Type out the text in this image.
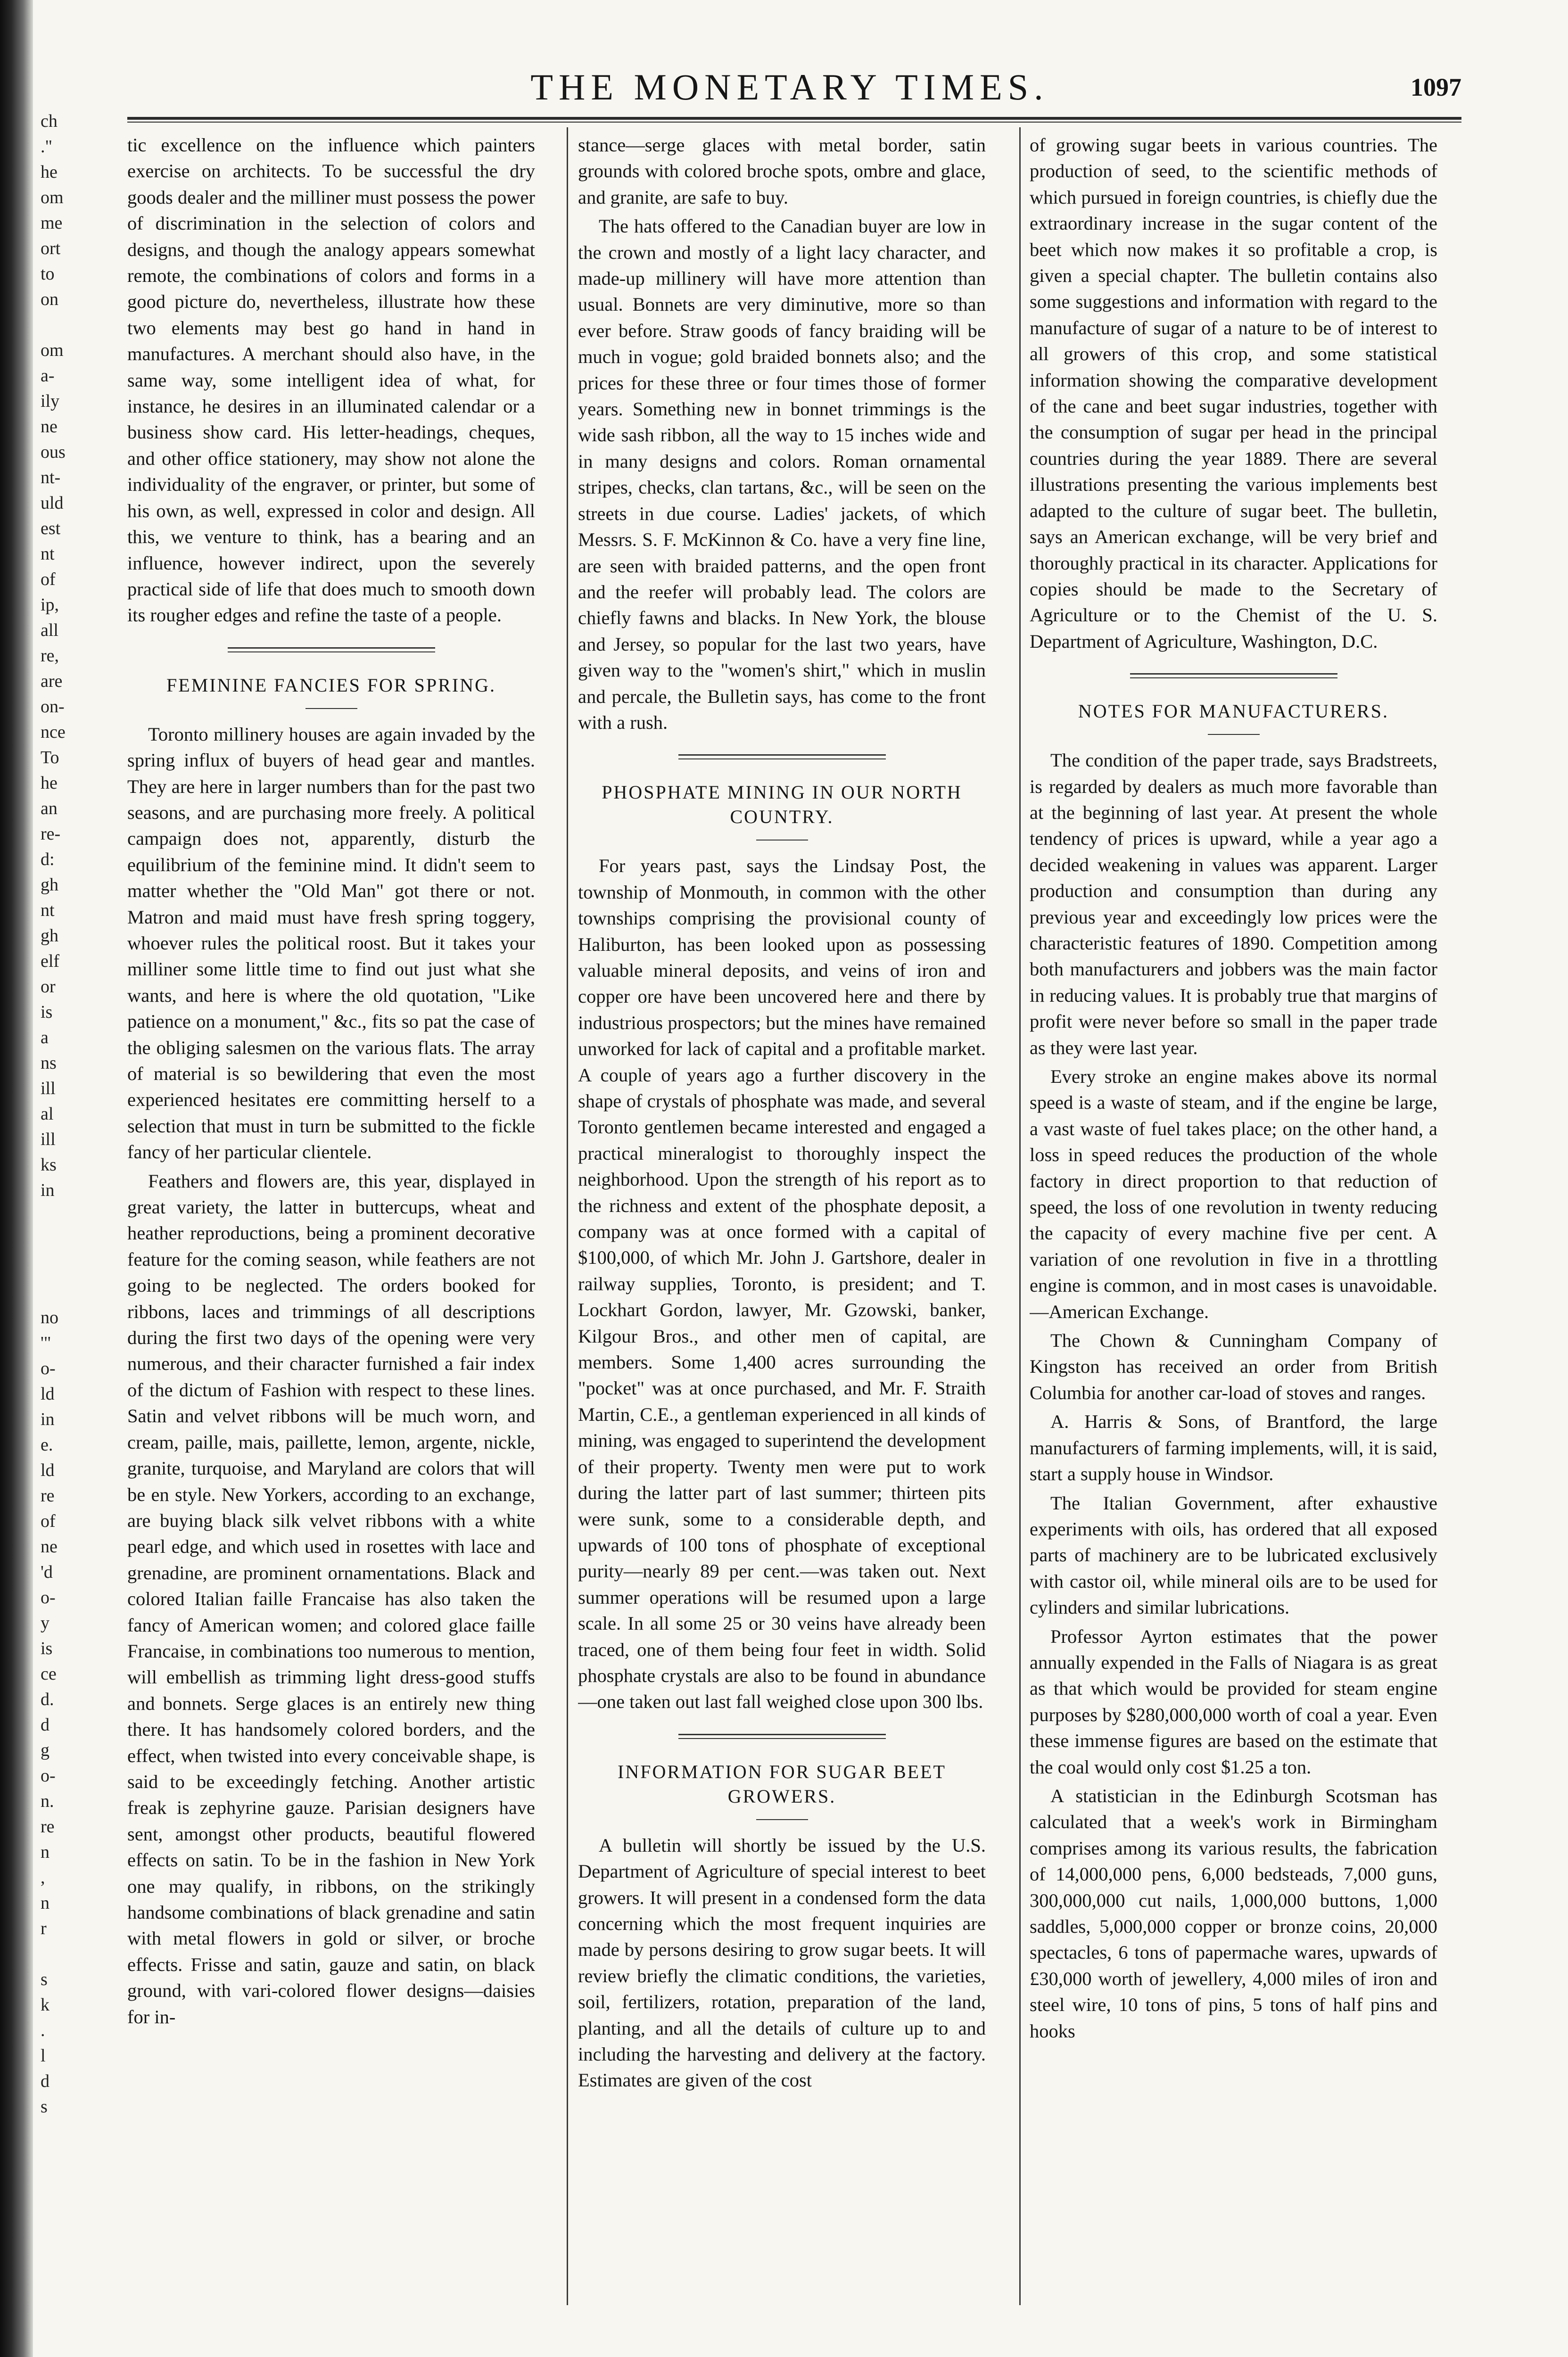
ch
."
he
om
me
ort
to
on

om
a-
ily
ne
ous
nt-
uld
est
nt
of
ip,
all
re,
are
on-
nce
To
he
an
re-
d:
gh
nt
gh
elf
or
is
a
ns
ill
al
ill
ks
in

no
'"
o-
ld
in
e.
ld
re
of
ne
'd
o-
y
is
ce
d.
d
g
o-
n.
re
n
,
n
r

s
k
.
l
d
s
THE MONETARY TIMES.	1097

tic excellence on the influence which painters exercise on architects. To be successful the dry goods dealer and the milliner must possess the power of discrimination in the selection of colors and designs, and though the analogy appears somewhat remote, the combinations of colors and forms in a good picture do, nevertheless, illustrate how these two elements may best go hand in hand in manufactures. A merchant should also have, in the same way, some intelligent idea of what, for instance, he desires in an illuminated calendar or a business show card. His letter-headings, cheques, and other office stationery, may show not alone the individuality of the engraver, or printer, but some of his own, as well, expressed in color and design. All this, we venture to think, has a bearing and an influence, however indirect, upon the severely practical side of life that does much to smooth down its rougher edges and refine the taste of a people.

FEMININE FANCIES FOR SPRING.

Toronto millinery houses are again invaded by the spring influx of buyers of head gear and mantles. They are here in larger numbers than for the past two seasons, and are purchasing more freely. A political campaign does not, apparently, disturb the equilibrium of the feminine mind. It didn't seem to matter whether the "Old Man" got there or not. Matron and maid must have fresh spring toggery, whoever rules the political roost. But it takes your milliner some little time to find out just what she wants, and here is where the old quotation, "Like patience on a monument," &c., fits so pat the case of the obliging salesmen on the various flats. The array of material is so bewildering that even the most experienced hesitates ere committing herself to a selection that must in turn be submitted to the fickle fancy of her particular clientele.

Feathers and flowers are, this year, displayed in great variety, the latter in buttercups, wheat and heather reproductions, being a prominent decorative feature for the coming season, while feathers are not going to be neglected. The orders booked for ribbons, laces and trimmings of all descriptions during the first two days of the opening were very numerous, and their character furnished a fair index of the dictum of Fashion with respect to these lines. Satin and velvet ribbons will be much worn, and cream, paille, mais, paillette, lemon, argente, nickle, granite, turquoise, and Maryland are colors that will be en style. New Yorkers, according to an exchange, are buying black silk velvet ribbons with a white pearl edge, and which used in rosettes with lace and grenadine, are prominent ornamentations. Black and colored Italian faille Francaise has also taken the fancy of American women; and colored glace faille Francaise, in combinations too numerous to mention, will embellish as trimming light dress-good stuffs and bonnets. Serge glaces is an entirely new thing there. It has handsomely colored borders, and the effect, when twisted into every conceivable shape, is said to be exceedingly fetching. Another artistic freak is zephyrine gauze. Parisian designers have sent, amongst other products, beautiful flowered effects on satin. To be in the fashion in New York one may qualify, in ribbons, on the strikingly handsome combinations of black grenadine and satin with metal flowers in gold or silver, or broche effects. Frisse and satin, gauze and satin, on black ground, with vari-colored flower designs—daisies for in-

stance—serge glaces with metal border, satin grounds with colored broche spots, ombre and glace, and granite, are safe to buy.

The hats offered to the Canadian buyer are low in the crown and mostly of a light lacy character, and made-up millinery will have more attention than usual. Bonnets are very diminutive, more so than ever before. Straw goods of fancy braiding will be much in vogue; gold braided bonnets also; and the prices for these three or four times those of former years. Something new in bonnet trimmings is the wide sash ribbon, all the way to 15 inches wide and in many designs and colors. Roman ornamental stripes, checks, clan tartans, &c., will be seen on the streets in due course. Ladies' jackets, of which Messrs. S. F. McKinnon & Co. have a very fine line, are seen with braided patterns, and the open front and the reefer will probably lead. The colors are chiefly fawns and blacks. In New York, the blouse and Jersey, so popular for the last two years, have given way to the "women's shirt," which in muslin and percale, the Bulletin says, has come to the front with a rush.

PHOSPHATE MINING IN OUR NORTH COUNTRY.

For years past, says the Lindsay Post, the township of Monmouth, in common with the other townships comprising the provisional county of Haliburton, has been looked upon as possessing valuable mineral deposits, and veins of iron and copper ore have been uncovered here and there by industrious prospectors; but the mines have remained unworked for lack of capital and a profitable market. A couple of years ago a further discovery in the shape of crystals of phosphate was made, and several Toronto gentlemen became interested and engaged a practical mineralogist to thoroughly inspect the neighborhood. Upon the strength of his report as to the richness and extent of the phosphate deposit, a company was at once formed with a capital of $100,000, of which Mr. John J. Gartshore, dealer in railway supplies, Toronto, is president; and T. Lockhart Gordon, lawyer, Mr. Gzowski, banker, Kilgour Bros., and other men of capital, are members. Some 1,400 acres surrounding the "pocket" was at once purchased, and Mr. F. Straith Martin, C.E., a gentleman experienced in all kinds of mining, was engaged to superintend the development of their property. Twenty men were put to work during the latter part of last summer; thirteen pits were sunk, some to a considerable depth, and upwards of 100 tons of phosphate of exceptional purity—nearly 89 per cent.—was taken out. Next summer operations will be resumed upon a large scale. In all some 25 or 30 veins have already been traced, one of them being four feet in width. Solid phosphate crystals are also to be found in abundance—one taken out last fall weighed close upon 300 lbs.

INFORMATION FOR SUGAR BEET GROWERS.

A bulletin will shortly be issued by the U.S. Department of Agriculture of special interest to beet growers. It will present in a condensed form the data concerning which the most frequent inquiries are made by persons desiring to grow sugar beets. It will review briefly the climatic conditions, the varieties, soil, fertilizers, rotation, preparation of the land, planting, and all the details of culture up to and including the harvesting and delivery at the factory. Estimates are given of the cost

of growing sugar beets in various countries. The production of seed, to the scientific methods of which pursued in foreign countries, is chiefly due the extraordinary increase in the sugar content of the beet which now makes it so profitable a crop, is given a special chapter. The bulletin contains also some suggestions and information with regard to the manufacture of sugar of a nature to be of interest to all growers of this crop, and some statistical information showing the comparative development of the cane and beet sugar industries, together with the consumption of sugar per head in the principal countries during the year 1889. There are several illustrations presenting the various implements best adapted to the culture of sugar beet. The bulletin, says an American exchange, will be very brief and thoroughly practical in its character. Applications for copies should be made to the Secretary of Agriculture or to the Chemist of the U. S. Department of Agriculture, Washington, D.C.

NOTES FOR MANUFACTURERS.

The condition of the paper trade, says Bradstreets, is regarded by dealers as much more favorable than at the beginning of last year. At present the whole tendency of prices is upward, while a year ago a decided weakening in values was apparent. Larger production and consumption than during any previous year and exceedingly low prices were the characteristic features of 1890. Competition among both manufacturers and jobbers was the main factor in reducing values. It is probably true that margins of profit were never before so small in the paper trade as they were last year.

Every stroke an engine makes above its normal speed is a waste of steam, and if the engine be large, a vast waste of fuel takes place; on the other hand, a loss in speed reduces the production of the whole factory in direct proportion to that reduction of speed, the loss of one revolution in twenty reducing the capacity of every machine five per cent. A variation of one revolution in five in a throttling engine is common, and in most cases is unavoidable.—American Exchange.

The Chown & Cunningham Company of Kingston has received an order from British Columbia for another car-load of stoves and ranges.

A. Harris & Sons, of Brantford, the large manufacturers of farming implements, will, it is said, start a supply house in Windsor.

The Italian Government, after exhaustive experiments with oils, has ordered that all exposed parts of machinery are to be lubricated exclusively with castor oil, while mineral oils are to be used for cylinders and similar lubrications.

Professor Ayrton estimates that the power annually expended in the Falls of Niagara is as great as that which would be provided for steam engine purposes by $280,000,000 worth of coal a year. Even these immense figures are based on the estimate that the coal would only cost $1.25 a ton.

A statistician in the Edinburgh Scotsman has calculated that a week's work in Birmingham comprises among its various results, the fabrication of 14,000,000 pens, 6,000 bedsteads, 7,000 guns, 300,000,000 cut nails, 1,000,000 buttons, 1,000 saddles, 5,000,000 copper or bronze coins, 20,000 spectacles, 6 tons of papermache wares, upwards of £30,000 worth of jewellery, 4,000 miles of iron and steel wire, 10 tons of pins, 5 tons of half pins and hooks
